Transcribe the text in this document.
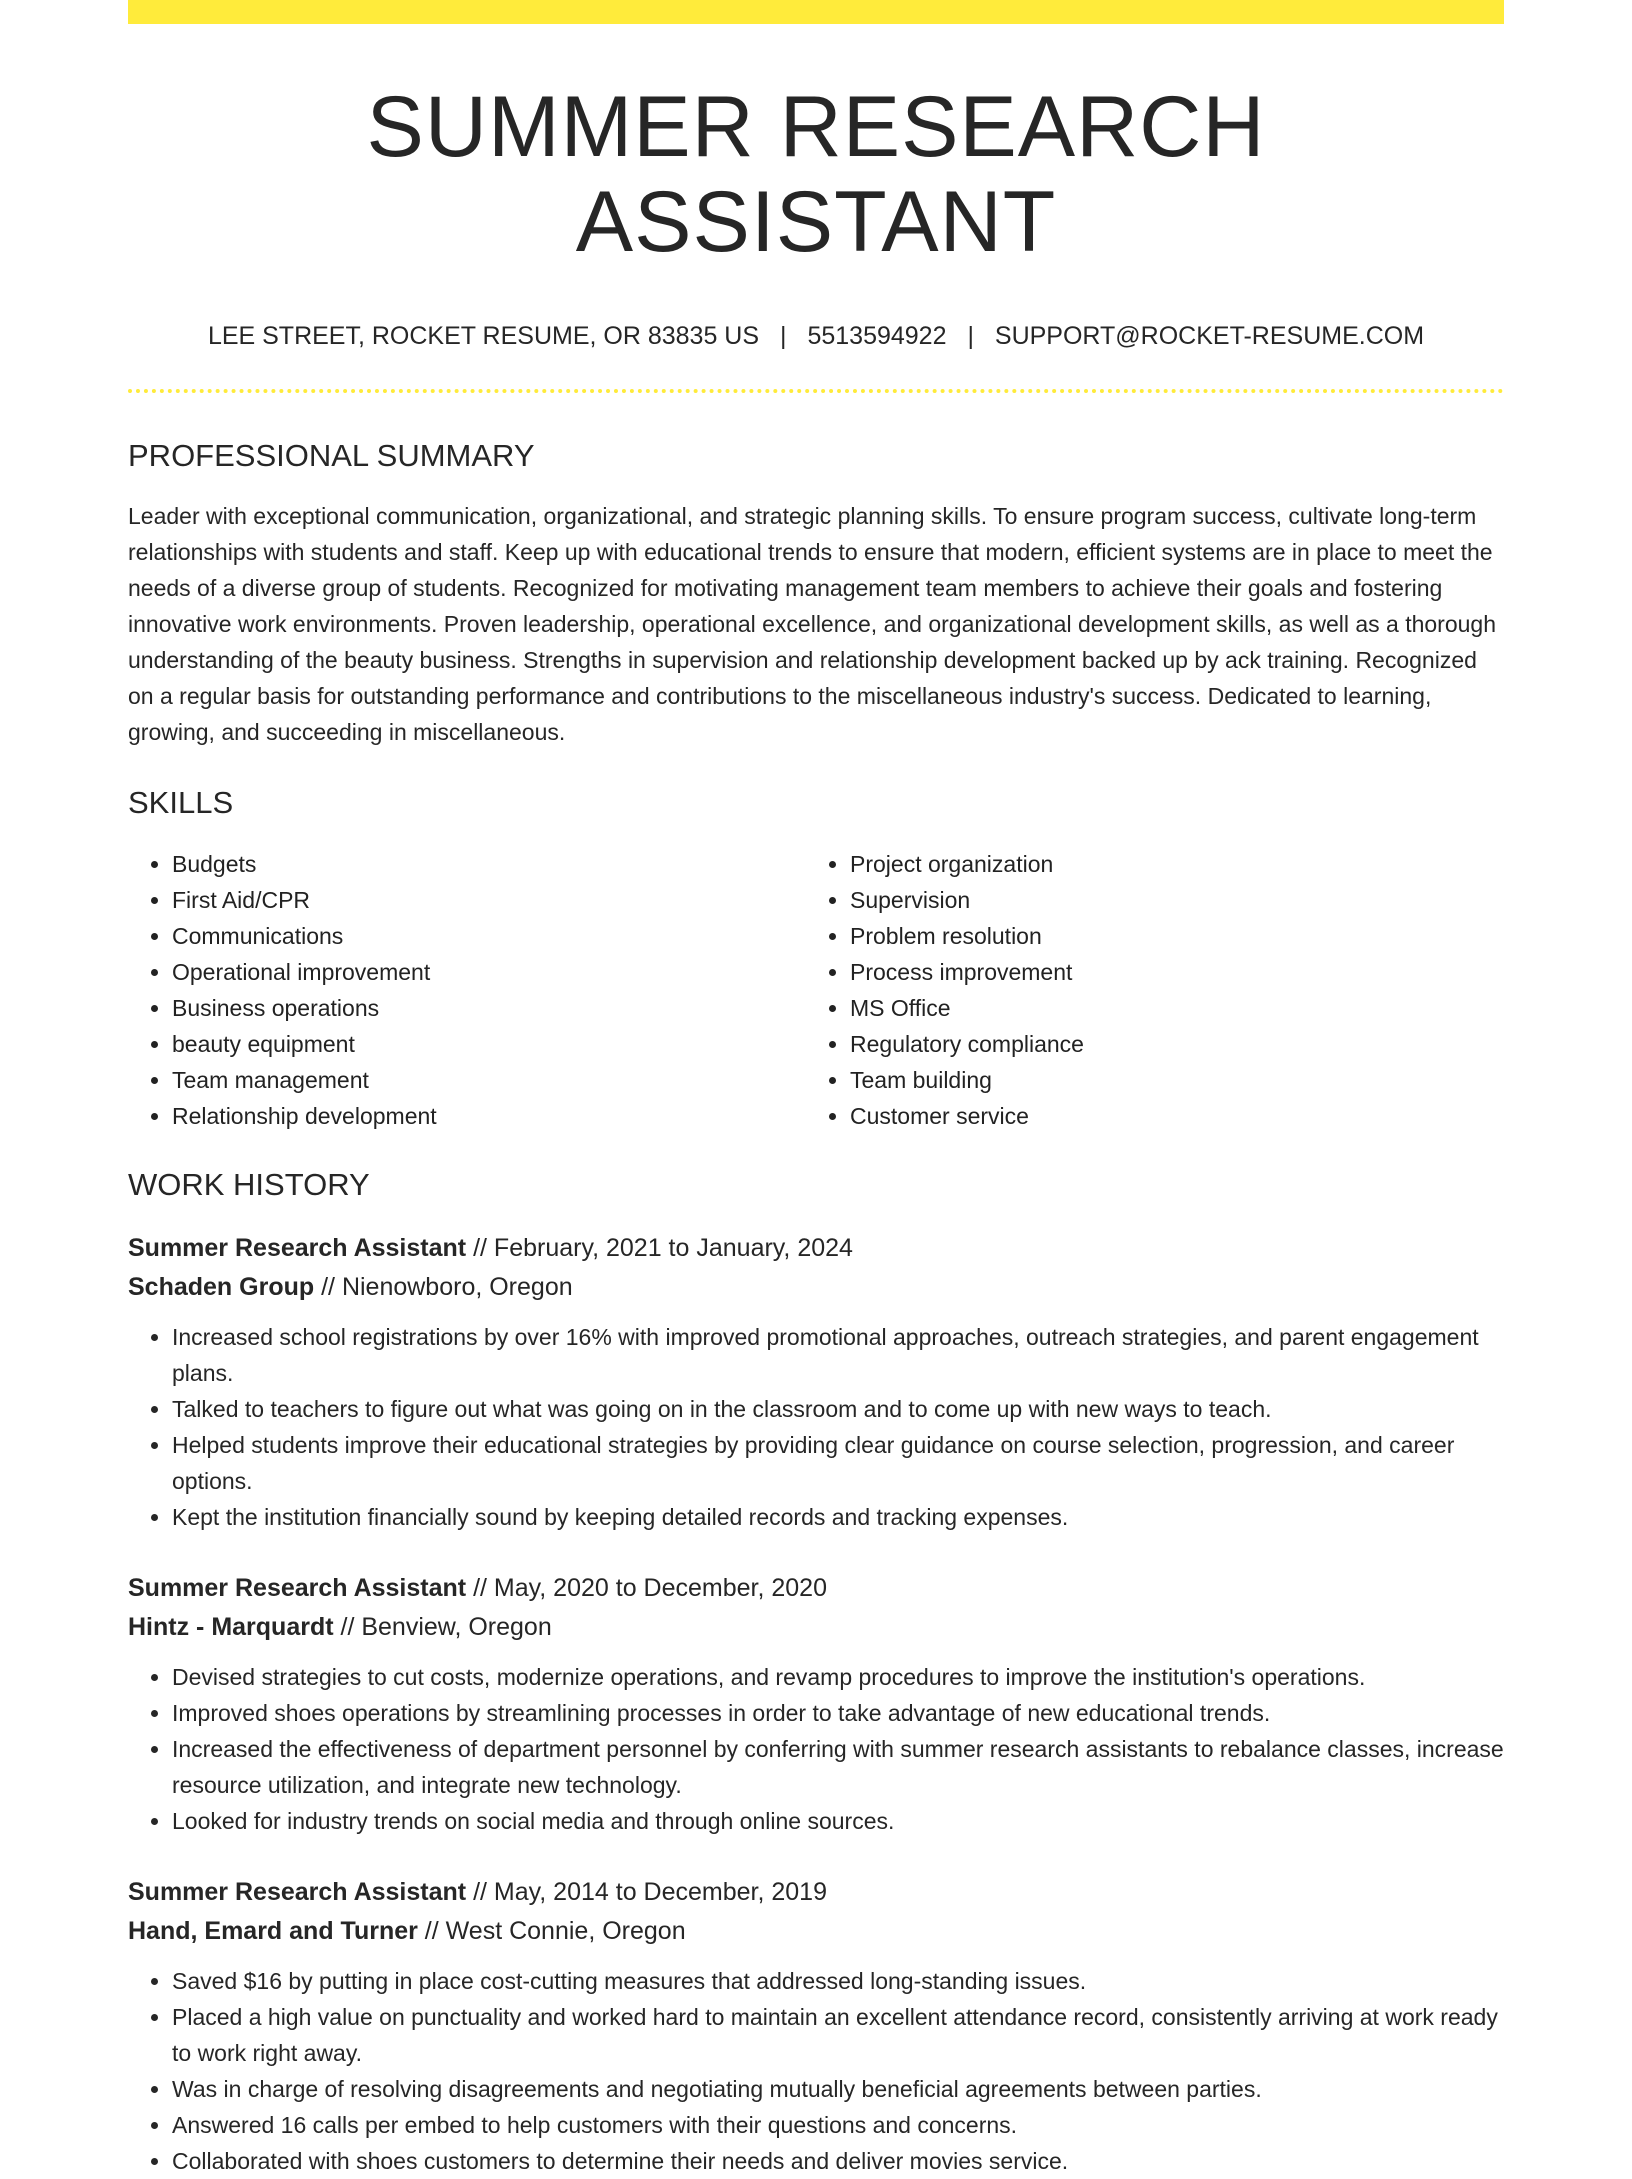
SUMMER RESEARCH ASSISTANT
LEE STREET, ROCKET RESUME, OR 83835 US | 5513594922 | SUPPORT@ROCKET-RESUME.COM
PROFESSIONAL SUMMARY
Leader with exceptional communication, organizational, and strategic planning skills. To ensure program success, cultivate long-term relationships with students and staff. Keep up with educational trends to ensure that modern, efficient systems are in place to meet the needs of a diverse group of students. Recognized for motivating management team members to achieve their goals and fostering innovative work environments. Proven leadership, operational excellence, and organizational development skills, as well as a thorough understanding of the beauty business. Strengths in supervision and relationship development backed up by ack training. Recognized on a regular basis for outstanding performance and contributions to the miscellaneous industry's success. Dedicated to learning, growing, and succeeding in miscellaneous.
SKILLS
• Budgets
• First Aid/CPR
• Communications
• Operational improvement
• Business operations
• beauty equipment
• Team management
• Relationship development
• Project organization
• Supervision
• Problem resolution
• Process improvement
• MS Office
• Regulatory compliance
• Team building
• Customer service
WORK HISTORY
Summer Research Assistant // February, 2021 to January, 2024
Schaden Group // Nienowboro, Oregon
• Increased school registrations by over 16% with improved promotional approaches, outreach strategies, and parent engagement plans.
• Talked to teachers to figure out what was going on in the classroom and to come up with new ways to teach.
• Helped students improve their educational strategies by providing clear guidance on course selection, progression, and career options.
• Kept the institution financially sound by keeping detailed records and tracking expenses.
Summer Research Assistant // May, 2020 to December, 2020
Hintz - Marquardt // Benview, Oregon
• Devised strategies to cut costs, modernize operations, and revamp procedures to improve the institution's operations.
• Improved shoes operations by streamlining processes in order to take advantage of new educational trends.
• Increased the effectiveness of department personnel by conferring with summer research assistants to rebalance classes, increase resource utilization, and integrate new technology.
• Looked for industry trends on social media and through online sources.
Summer Research Assistant // May, 2014 to December, 2019
Hand, Emard and Turner // West Connie, Oregon
• Saved $16 by putting in place cost-cutting measures that addressed long-standing issues.
• Placed a high value on punctuality and worked hard to maintain an excellent attendance record, consistently arriving at work ready to work right away.
• Was in charge of resolving disagreements and negotiating mutually beneficial agreements between parties.
• Answered 16 calls per embed to help customers with their questions and concerns.
• Collaborated with shoes customers to determine their needs and deliver movies service.
